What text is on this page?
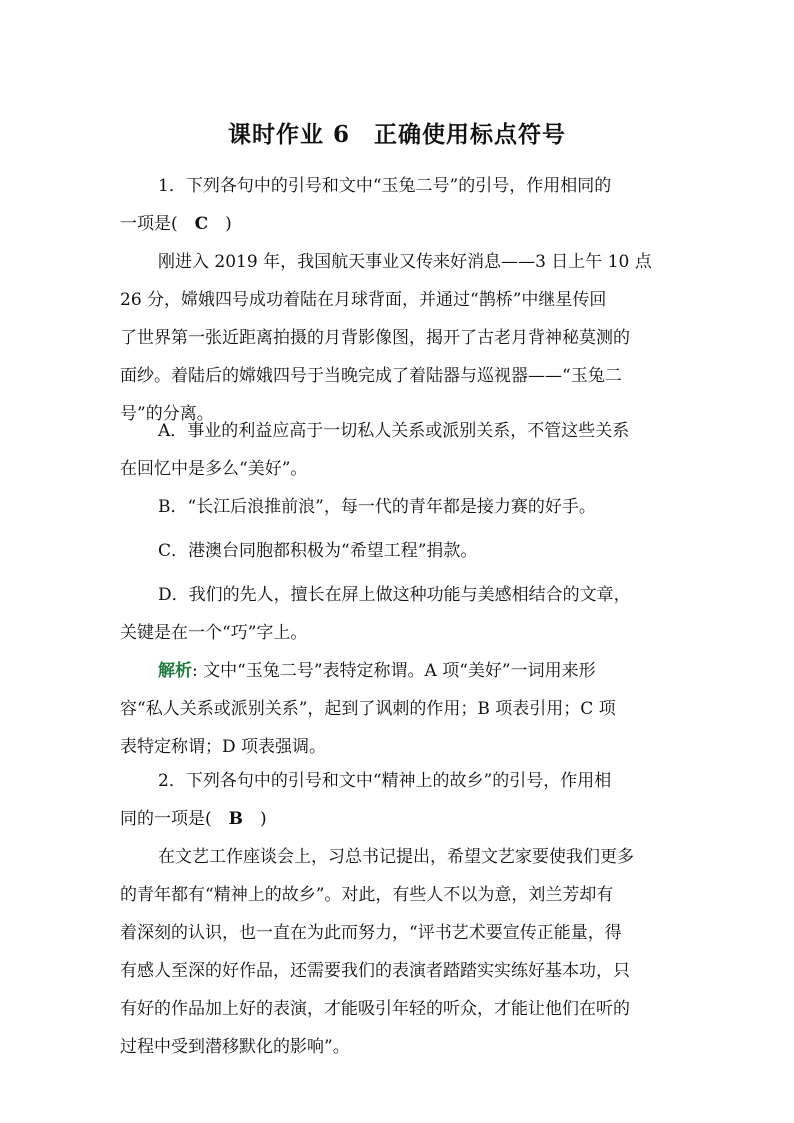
课时作业 6　正确使用标点符号
1．下列各句中的引号和文中“玉兔二号”的引号，作用相同的
一项是(　C　)
刚进入 2019 年，我国航天事业又传来好消息——3 日上午 10 点
26 分，嫦娥四号成功着陆在月球背面，并通过“鹊桥”中继星传回
了世界第一张近距离拍摄的月背影像图，揭开了古老月背神秘莫测的
面纱。着陆后的嫦娥四号于当晚完成了着陆器与巡视器——“玉兔二
号”的分离。
A．事业的利益应高于一切私人关系或派别关系，不管这些关系
在回忆中是多么“美好”。
B．“长江后浪推前浪”，每一代的青年都是接力赛的好手。
C．港澳台同胞都积极为“希望工程”捐款。
D．我们的先人，擅长在屏上做这种功能与美感相结合的文章，
关键是在一个“巧”字上。
解析: 文中“玉兔二号”表特定称谓。A 项“美好”一词用来形
容“私人关系或派别关系”，起到了讽刺的作用；B 项表引用；C 项
表特定称谓；D 项表强调。
2．下列各句中的引号和文中“精神上的故乡”的引号，作用相
同的一项是(　B　)
在文艺工作座谈会上，习总书记提出，希望文艺家要使我们更多
的青年都有“精神上的故乡”。对此，有些人不以为意，刘兰芳却有
着深刻的认识，也一直在为此而努力，“评书艺术要宣传正能量，得
有感人至深的好作品，还需要我们的表演者踏踏实实练好基本功，只
有好的作品加上好的表演，才能吸引年轻的听众，才能让他们在听的
过程中受到潜移默化的影响”。
